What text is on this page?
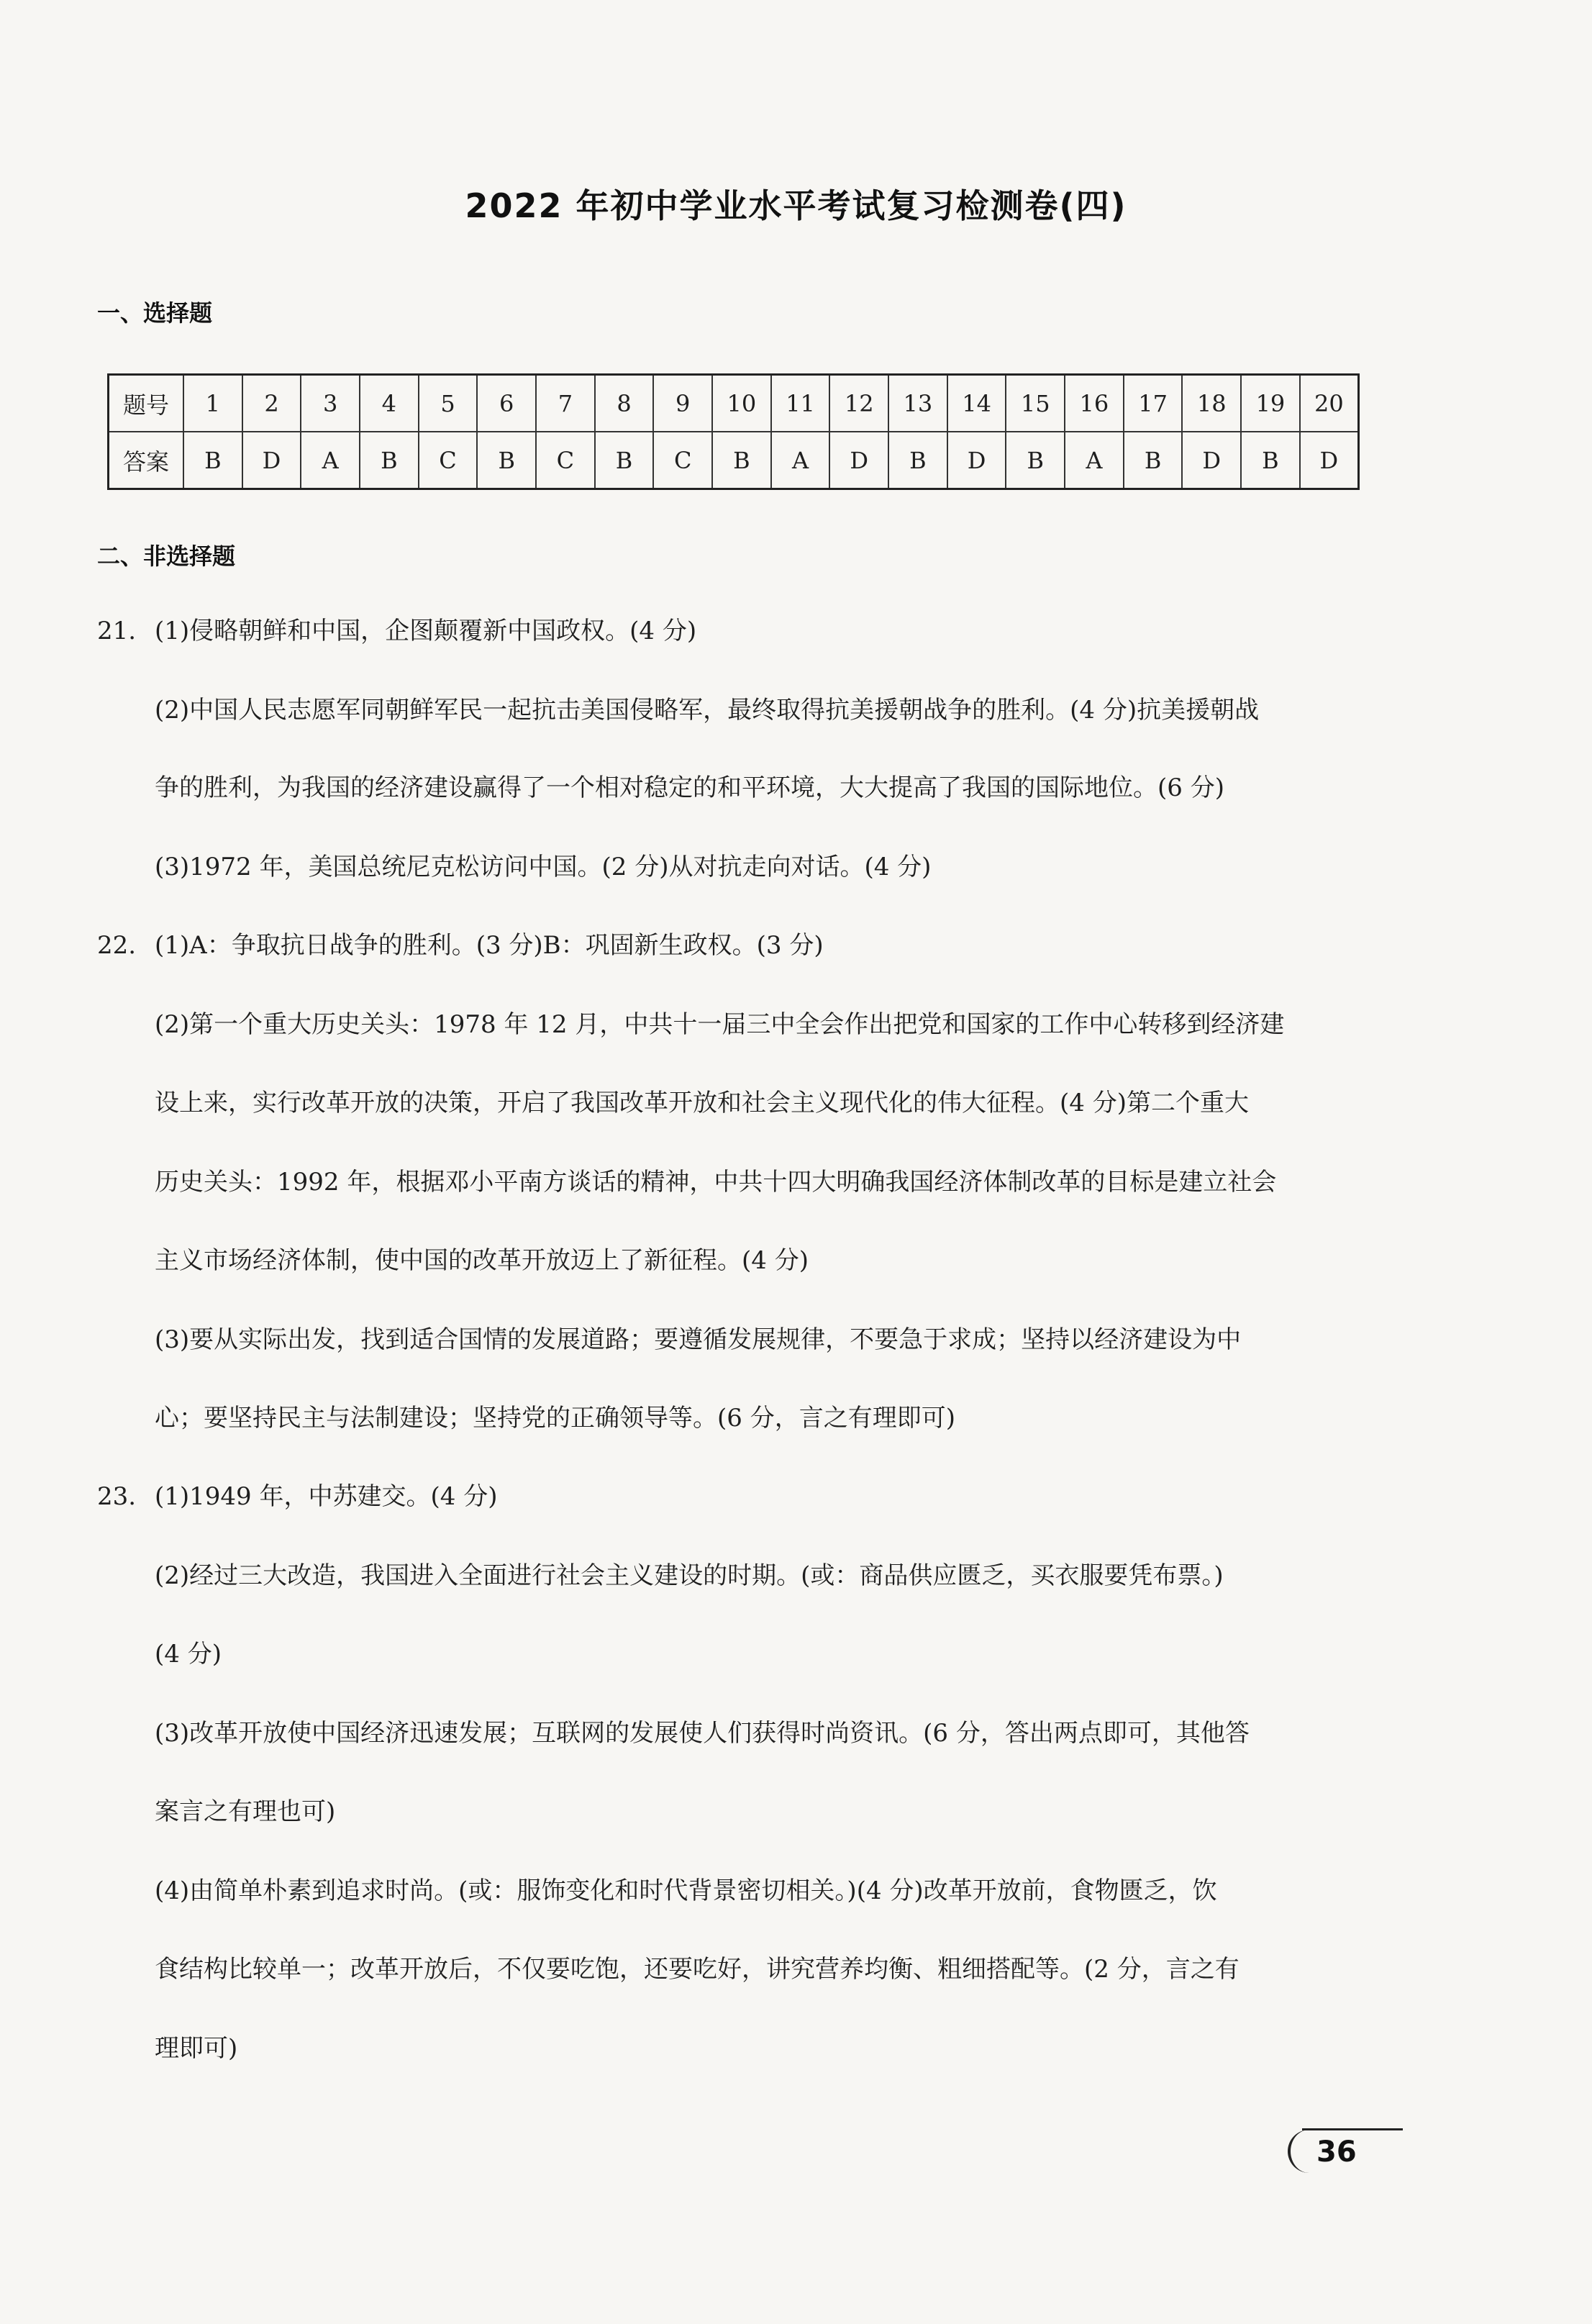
2022 年初中学业水平考试复习检测卷(四)
一、选择题
题号	1	2	3	4	5	6	7	8	9	10	11	12	13	14	15	16	17	18	19	20
答案	B	D	A	B	C	B	C	B	C	B	A	D	B	D	B	A	B	D	B	D
二、非选择题
21. (1)侵略朝鲜和中国，企图颠覆新中国政权。(4 分)
(2)中国人民志愿军同朝鲜军民一起抗击美国侵略军，最终取得抗美援朝战争的胜利。(4 分)抗美援朝战
争的胜利，为我国的经济建设赢得了一个相对稳定的和平环境，大大提高了我国的国际地位。(6 分)
(3)1972 年，美国总统尼克松访问中国。(2 分)从对抗走向对话。(4 分)
22. (1)A：争取抗日战争的胜利。(3 分)B：巩固新生政权。(3 分)
(2)第一个重大历史关头：1978 年 12 月，中共十一届三中全会作出把党和国家的工作中心转移到经济建
设上来，实行改革开放的决策，开启了我国改革开放和社会主义现代化的伟大征程。(4 分)第二个重大
历史关头：1992 年，根据邓小平南方谈话的精神，中共十四大明确我国经济体制改革的目标是建立社会
主义市场经济体制，使中国的改革开放迈上了新征程。(4 分)
(3)要从实际出发，找到适合国情的发展道路；要遵循发展规律，不要急于求成；坚持以经济建设为中
心；要坚持民主与法制建设；坚持党的正确领导等。(6 分，言之有理即可)
23. (1)1949 年，中苏建交。(4 分)
(2)经过三大改造，我国进入全面进行社会主义建设的时期。(或：商品供应匮乏，买衣服要凭布票。)
(4 分)
(3)改革开放使中国经济迅速发展；互联网的发展使人们获得时尚资讯。(6 分，答出两点即可，其他答
案言之有理也可)
(4)由简单朴素到追求时尚。(或：服饰变化和时代背景密切相关。)(4 分)改革开放前，食物匮乏，饮
食结构比较单一；改革开放后，不仅要吃饱，还要吃好，讲究营养均衡、粗细搭配等。(2 分，言之有
理即可)
36
